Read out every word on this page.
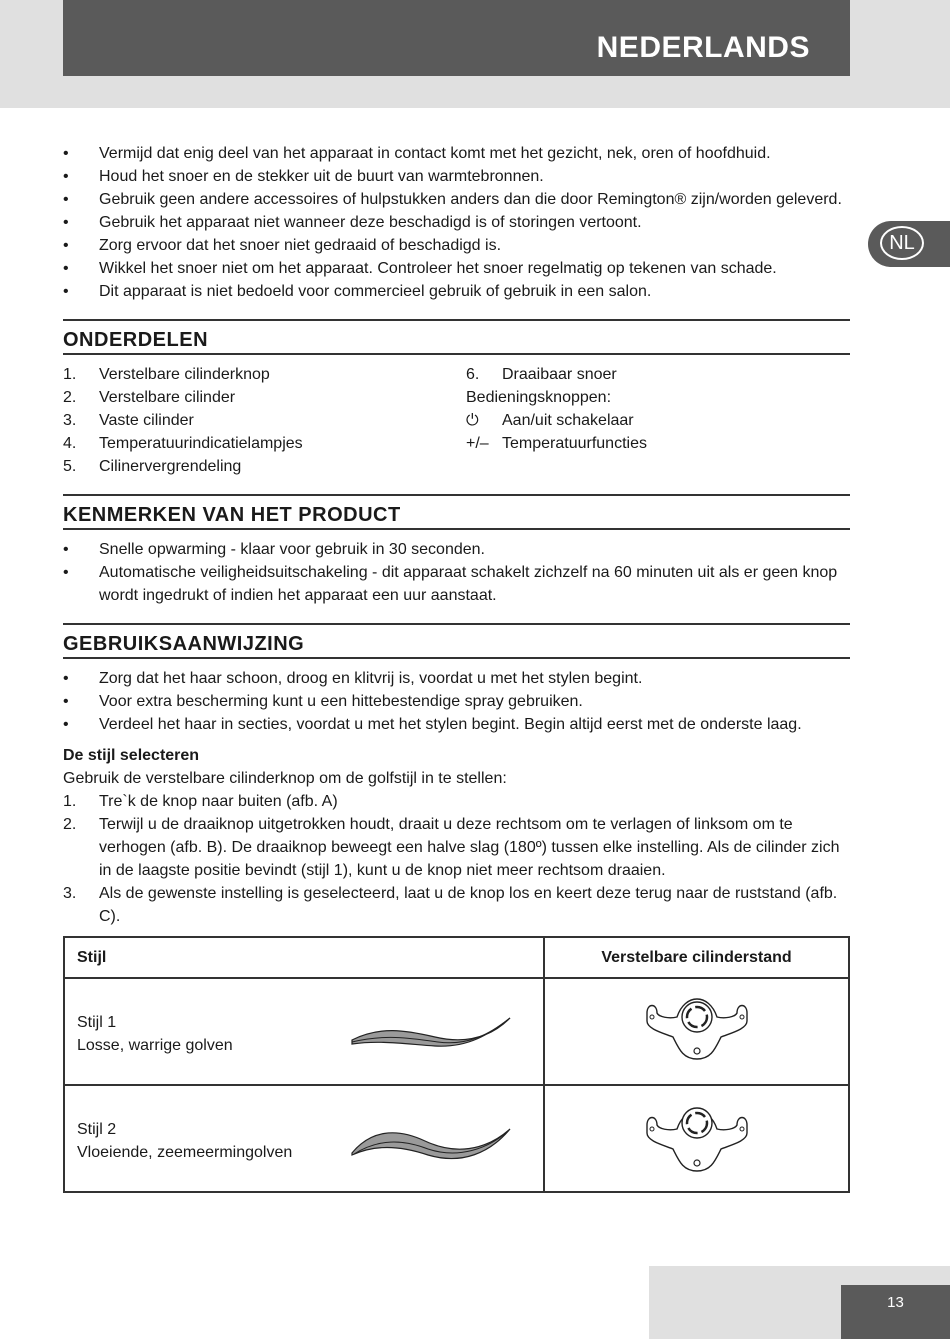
NEDERLANDS
NL
• Vermijd dat enig deel van het apparaat in contact komt met het gezicht, nek, oren of hoofdhuid.
• Houd het snoer en de stekker uit de buurt van warmtebronnen.
• Gebruik geen andere accessoires of hulpstukken anders dan die door Remington® zijn/worden geleverd.
• Gebruik het apparaat niet wanneer deze beschadigd is of storingen vertoont.
• Zorg ervoor dat het snoer niet gedraaid of beschadigd is.
• Wikkel het snoer niet om het apparaat. Controleer het snoer regelmatig op tekenen van schade.
• Dit apparaat is niet bedoeld voor commercieel gebruik of gebruik in een salon.
ONDERDELEN
1. Verstelbare cilinderknop
2. Verstelbare cilinder
3. Vaste cilinder
4. Temperatuurindicatielampjes
5. Cilinervergrendeling
6. Draaibaar snoer
Bedieningsknoppen:
⏻ Aan/uit schakelaar
+/– Temperatuurfuncties
KENMERKEN VAN HET PRODUCT
• Snelle opwarming - klaar voor gebruik in 30 seconden.
• Automatische veiligheidsuitschakeling - dit apparaat schakelt zichzelf na 60 minuten uit als er geen knop wordt ingedrukt of indien het apparaat een uur aanstaat.
GEBRUIKSAANWIJZING
• Zorg dat het haar schoon, droog en klitvrij is, voordat u met het stylen begint.
• Voor extra bescherming kunt u een hittebestendige spray gebruiken.
• Verdeel het haar in secties, voordat u met het stylen begint. Begin altijd eerst met de onderste laag.
De stijl selecteren
Gebruik de verstelbare cilinderknop om de golfstijl in te stellen:
1. Tre`k de knop naar buiten (afb. A)
2. Terwijl u de draaiknop uitgetrokken houdt, draait u deze rechtsom om te verlagen of linksom om te verhogen (afb. B). De draaiknop beweegt een halve slag (180º) tussen elke instelling. Als de cilinder zich in de laagste positie bevindt (stijl 1), kunt u de knop niet meer rechtsom draaien.
3. Als de gewenste instelling is geselecteerd, laat u de knop los en keert deze terug naar de ruststand (afb. C).
Stijl	Verstelbare cilinderstand

Stijl 1
Losse, warrige golven

Stijl 2
Vloeiende, zeemeermingolven

13
